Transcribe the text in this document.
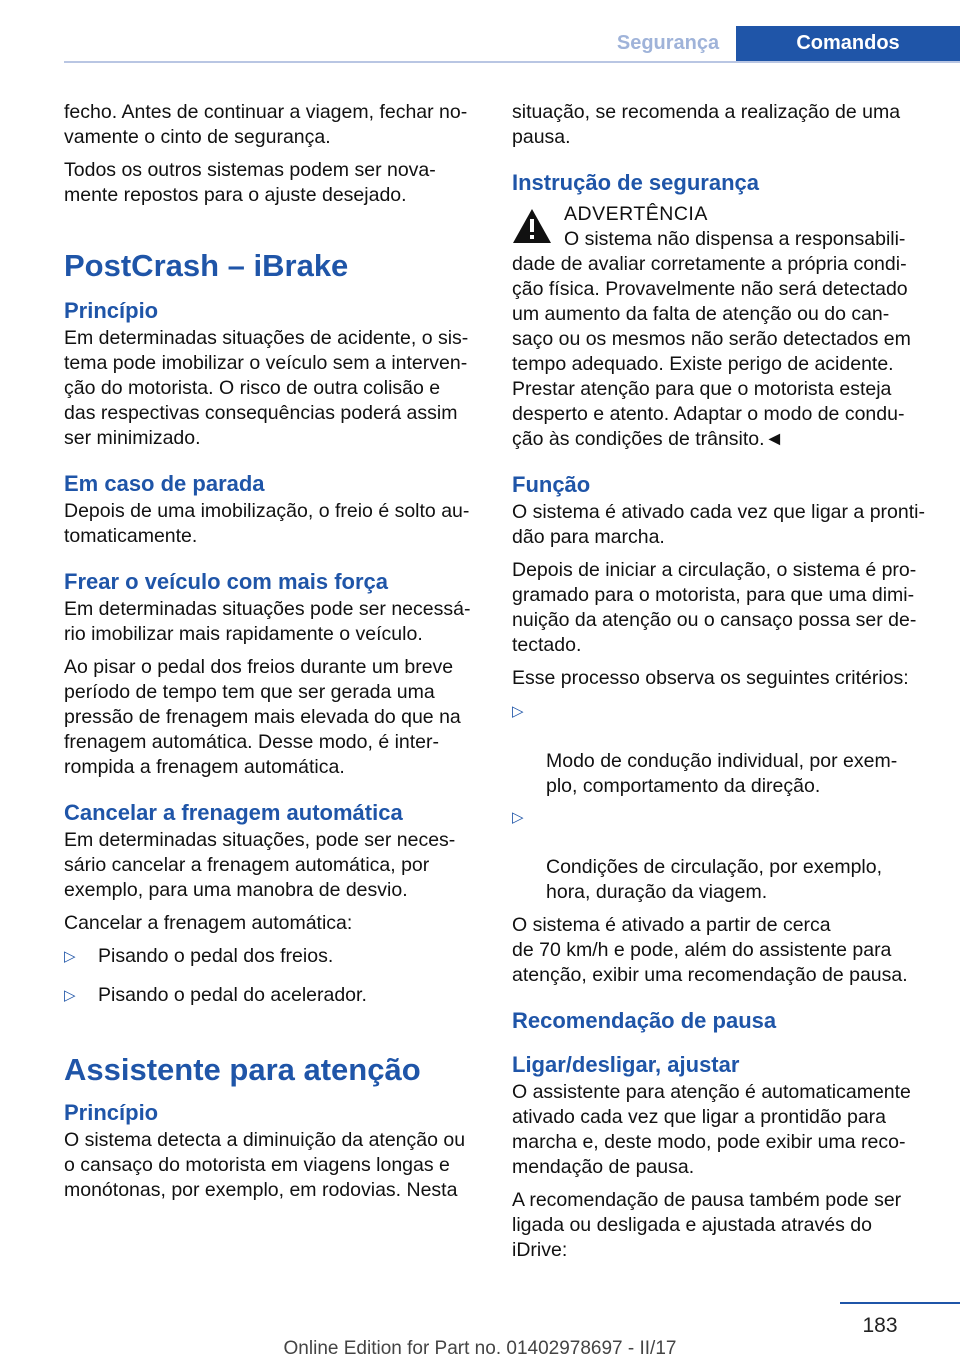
Segurança	Comandos

fecho. Antes de continuar a viagem, fechar no-
vamente o cinto de segurança.

Todos os outros sistemas podem ser nova-
mente repostos para o ajuste desejado.

PostCrash – iBrake
Princípio

Em determinadas situações de acidente, o sis-
tema pode imobilizar o veículo sem a interven-
ção do motorista. O risco de outra colisão e
das respectivas consequências poderá assim
ser minimizado.

Em caso de parada

Depois de uma imobilização, o freio é solto au-
tomaticamente.

Frear o veículo com mais força

Em determinadas situações pode ser necessá-
rio imobilizar mais rapidamente o veículo.

Ao pisar o pedal dos freios durante um breve
período de tempo tem que ser gerada uma
pressão de frenagem mais elevada do que na
frenagem automática. Desse modo, é inter-
rompida a frenagem automática.

Cancelar a frenagem automática

Em determinadas situações, pode ser neces-
sário cancelar a frenagem automática, por
exemplo, para uma manobra de desvio.

Cancelar a frenagem automática:

▷ Pisando o pedal dos freios.
▷ Pisando o pedal do acelerador.
Assistente para atenção
Princípio

O sistema detecta a diminuição da atenção ou
o cansaço do motorista em viagens longas e
monótonas, por exemplo, em rodovias. Nesta

situação, se recomenda a realização de uma
pausa.

Instrução de segurança
ADVERTÊNCIA

O sistema não dispensa a responsabili-
dade de avaliar corretamente a própria condi-
ção física. Provavelmente não será detectado
um aumento da falta de atenção ou do can-
saço ou os mesmos não serão detectados em
tempo adequado. Existe perigo de acidente.
Prestar atenção para que o motorista esteja
desperto e atento. Adaptar o modo de condu-
ção às condições de trânsito.◄

Função

O sistema é ativado cada vez que ligar a pronti-
dão para marcha.

Depois de iniciar a circulação, o sistema é pro-
gramado para o motorista, para que uma dimi-
nuição da atenção ou o cansaço possa ser de-
tectado.

Esse processo observa os seguintes critérios:

▷

Modo de condução individual, por exem-
plo, comportamento da direção.

▷

Condições de circulação, por exemplo,
hora, duração da viagem.

O sistema é ativado a partir de cerca
de 70 km/h e pode, além do assistente para
atenção, exibir uma recomendação de pausa.

Recomendação de pausa
Ligar/desligar, ajustar

O assistente para atenção é automaticamente
ativado cada vez que ligar a prontidão para
marcha e, deste modo, pode exibir uma reco-
mendação de pausa.

A recomendação de pausa também pode ser
ligada ou desligada e ajustada através do
iDrive:

183
Online Edition for Part no. 01402978697 - II/17
